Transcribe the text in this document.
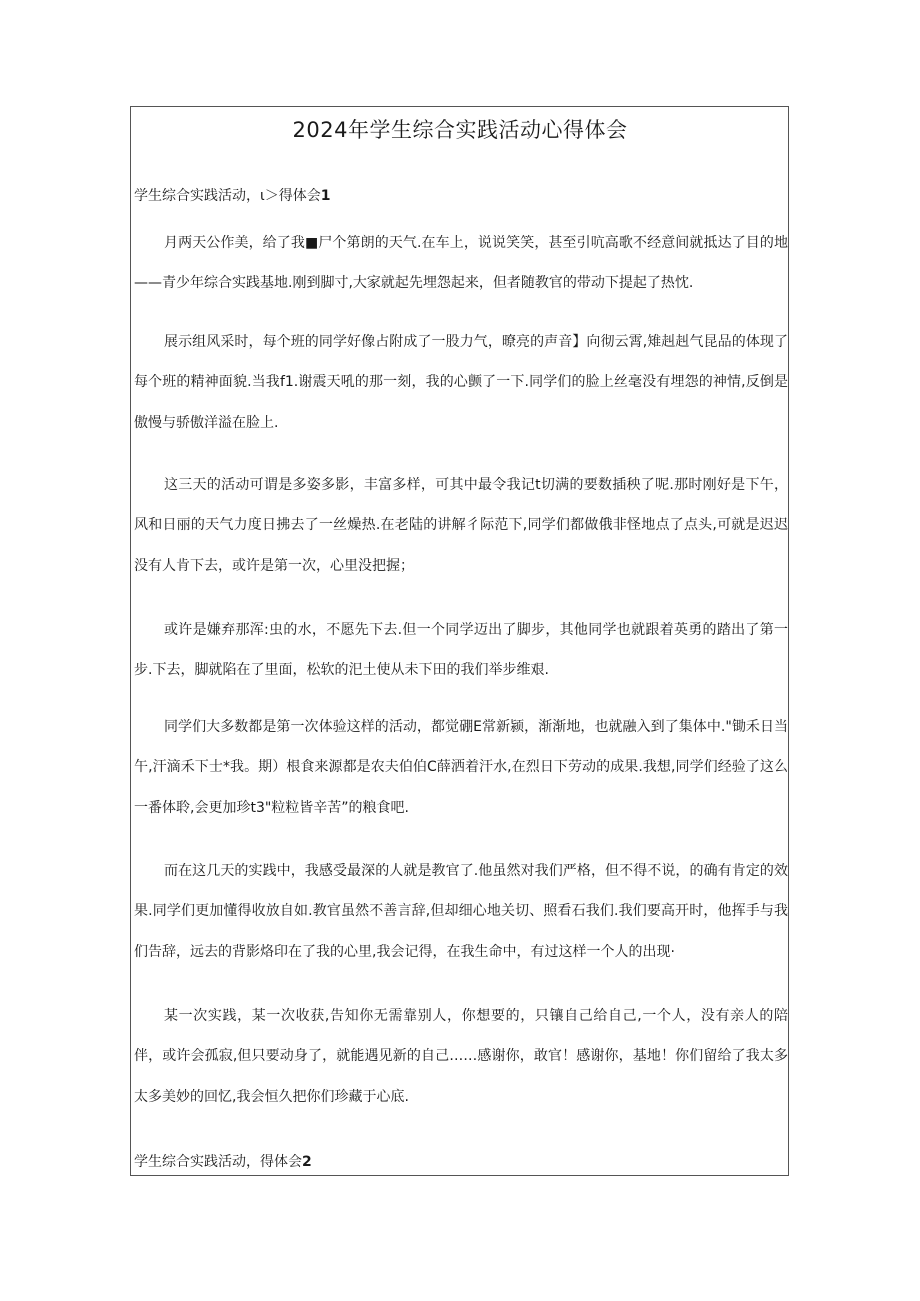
2024年学生综合实践活动心得体会
学生综合实践活动，ι＞得体会1

月两天公作美，给了我■尸个第朗的天气.在车上，说说笑笑，甚至引吭高歌不经意间就抵达了目的地——青少年综合实践基地.刚到脚寸,大家就起先埋怨起来，但者随教官的带动下提起了热忱.

展示组风采时，每个班的同学好像占附成了一股力气，暸亮的声音】向彻云霄,雉赳赳气昆品的体现了每个班的精神面貌.当我f1.谢震天吼的那一刻，我的心颤了一下.同学们的脸上丝毫没有埋怨的神情,反倒是傲慢与骄傲洋溢在脸上.

这三天的活动可谓是多姿多影，丰富多样，可其中最令我记t切满的要数插秧了呢.那时刚好是下午，风和日丽的天气力度日拂去了一丝燥热.在老陆的讲解彳际范下,同学们都做俄非怪地点了点头,可就是迟迟没有人肯下去，或许是第一次，心里没把握；

或许是嫌弃那浑:虫的水，不愿先下去.但一个同学迈出了脚步，其他同学也就跟着英勇的踏出了第一步.下去，脚就陷在了里面，松软的汜土使从未下田的我们举步维艰.

同学们大多数都是第一次体验这样的活动，都觉硼E常新颍，渐渐地，也就融入到了集体中."锄禾日当午,汗滴禾下士*我。期）根食来源都是农夫伯伯C薛洒着汗水,在烈日下劳动的成果.我想,同学们经验了这么一番体聆,会更加珍t3"粒粒皆辛苦”的粮食吧.

而在这几天的实践中，我感受最深的人就是教官了.他虽然对我们严格，但不得不说，的确有肯定的效果.同学们更加懂得收放自如.教官虽然不善言辞,但却细心地关切、照看石我们.我们要高开时，他挥手与我们告辞，远去的背影烙印在了我的心里,我会记得，在我生命中，有过这样一个人的出现·

某一次实践，某一次收获,告知你无需靠别人，你想要的，只镶自己给自己,一个人，没有亲人的陪伴，或许会孤寂,但只要动身了，就能遇见新的自己……感谢你，敢官！感谢你，基地！你们留给了我太多太多美妙的回忆,我会恒久把你们珍藏于心底.

学生综合实践活动，得体会2
